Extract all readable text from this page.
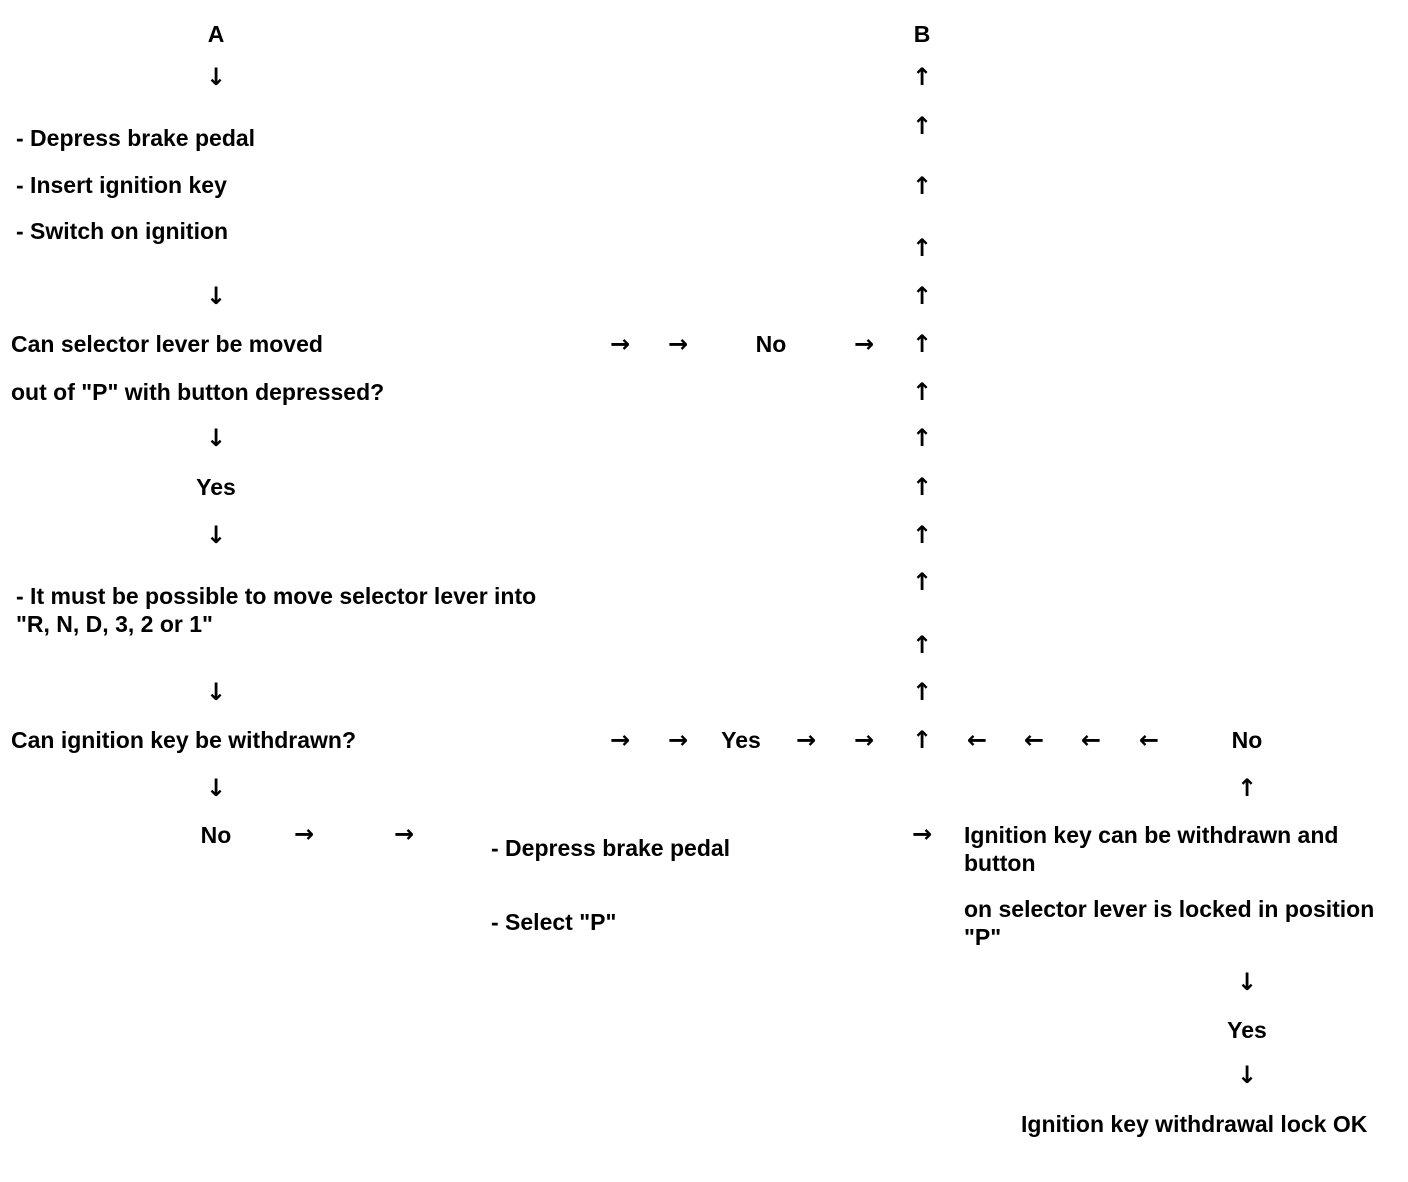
A	B
↓
- Depress brake pedal
- Insert ignition key
- Switch on ignition
↓
Can selector lever be moved
out of "P" with button depressed?
↓
Yes
↓
- It must be possible to move selector lever into
"R, N, D, 3, 2 or 1"
↓
Can ignition key be withdrawn?
↓
No	→	→	- Depress brake pedal
- Select "P"
→ →	No	→
→ → Yes → →
↑
↑
↑
↑
↑
↑
↑
↑
↑
↑
↑
↑
↑
↑ ← ← ← ←	No
↑
→ Ignition key can be withdrawn and button
on selector lever is locked in position "P"
↓
Yes
↓
Ignition key withdrawal lock OK
